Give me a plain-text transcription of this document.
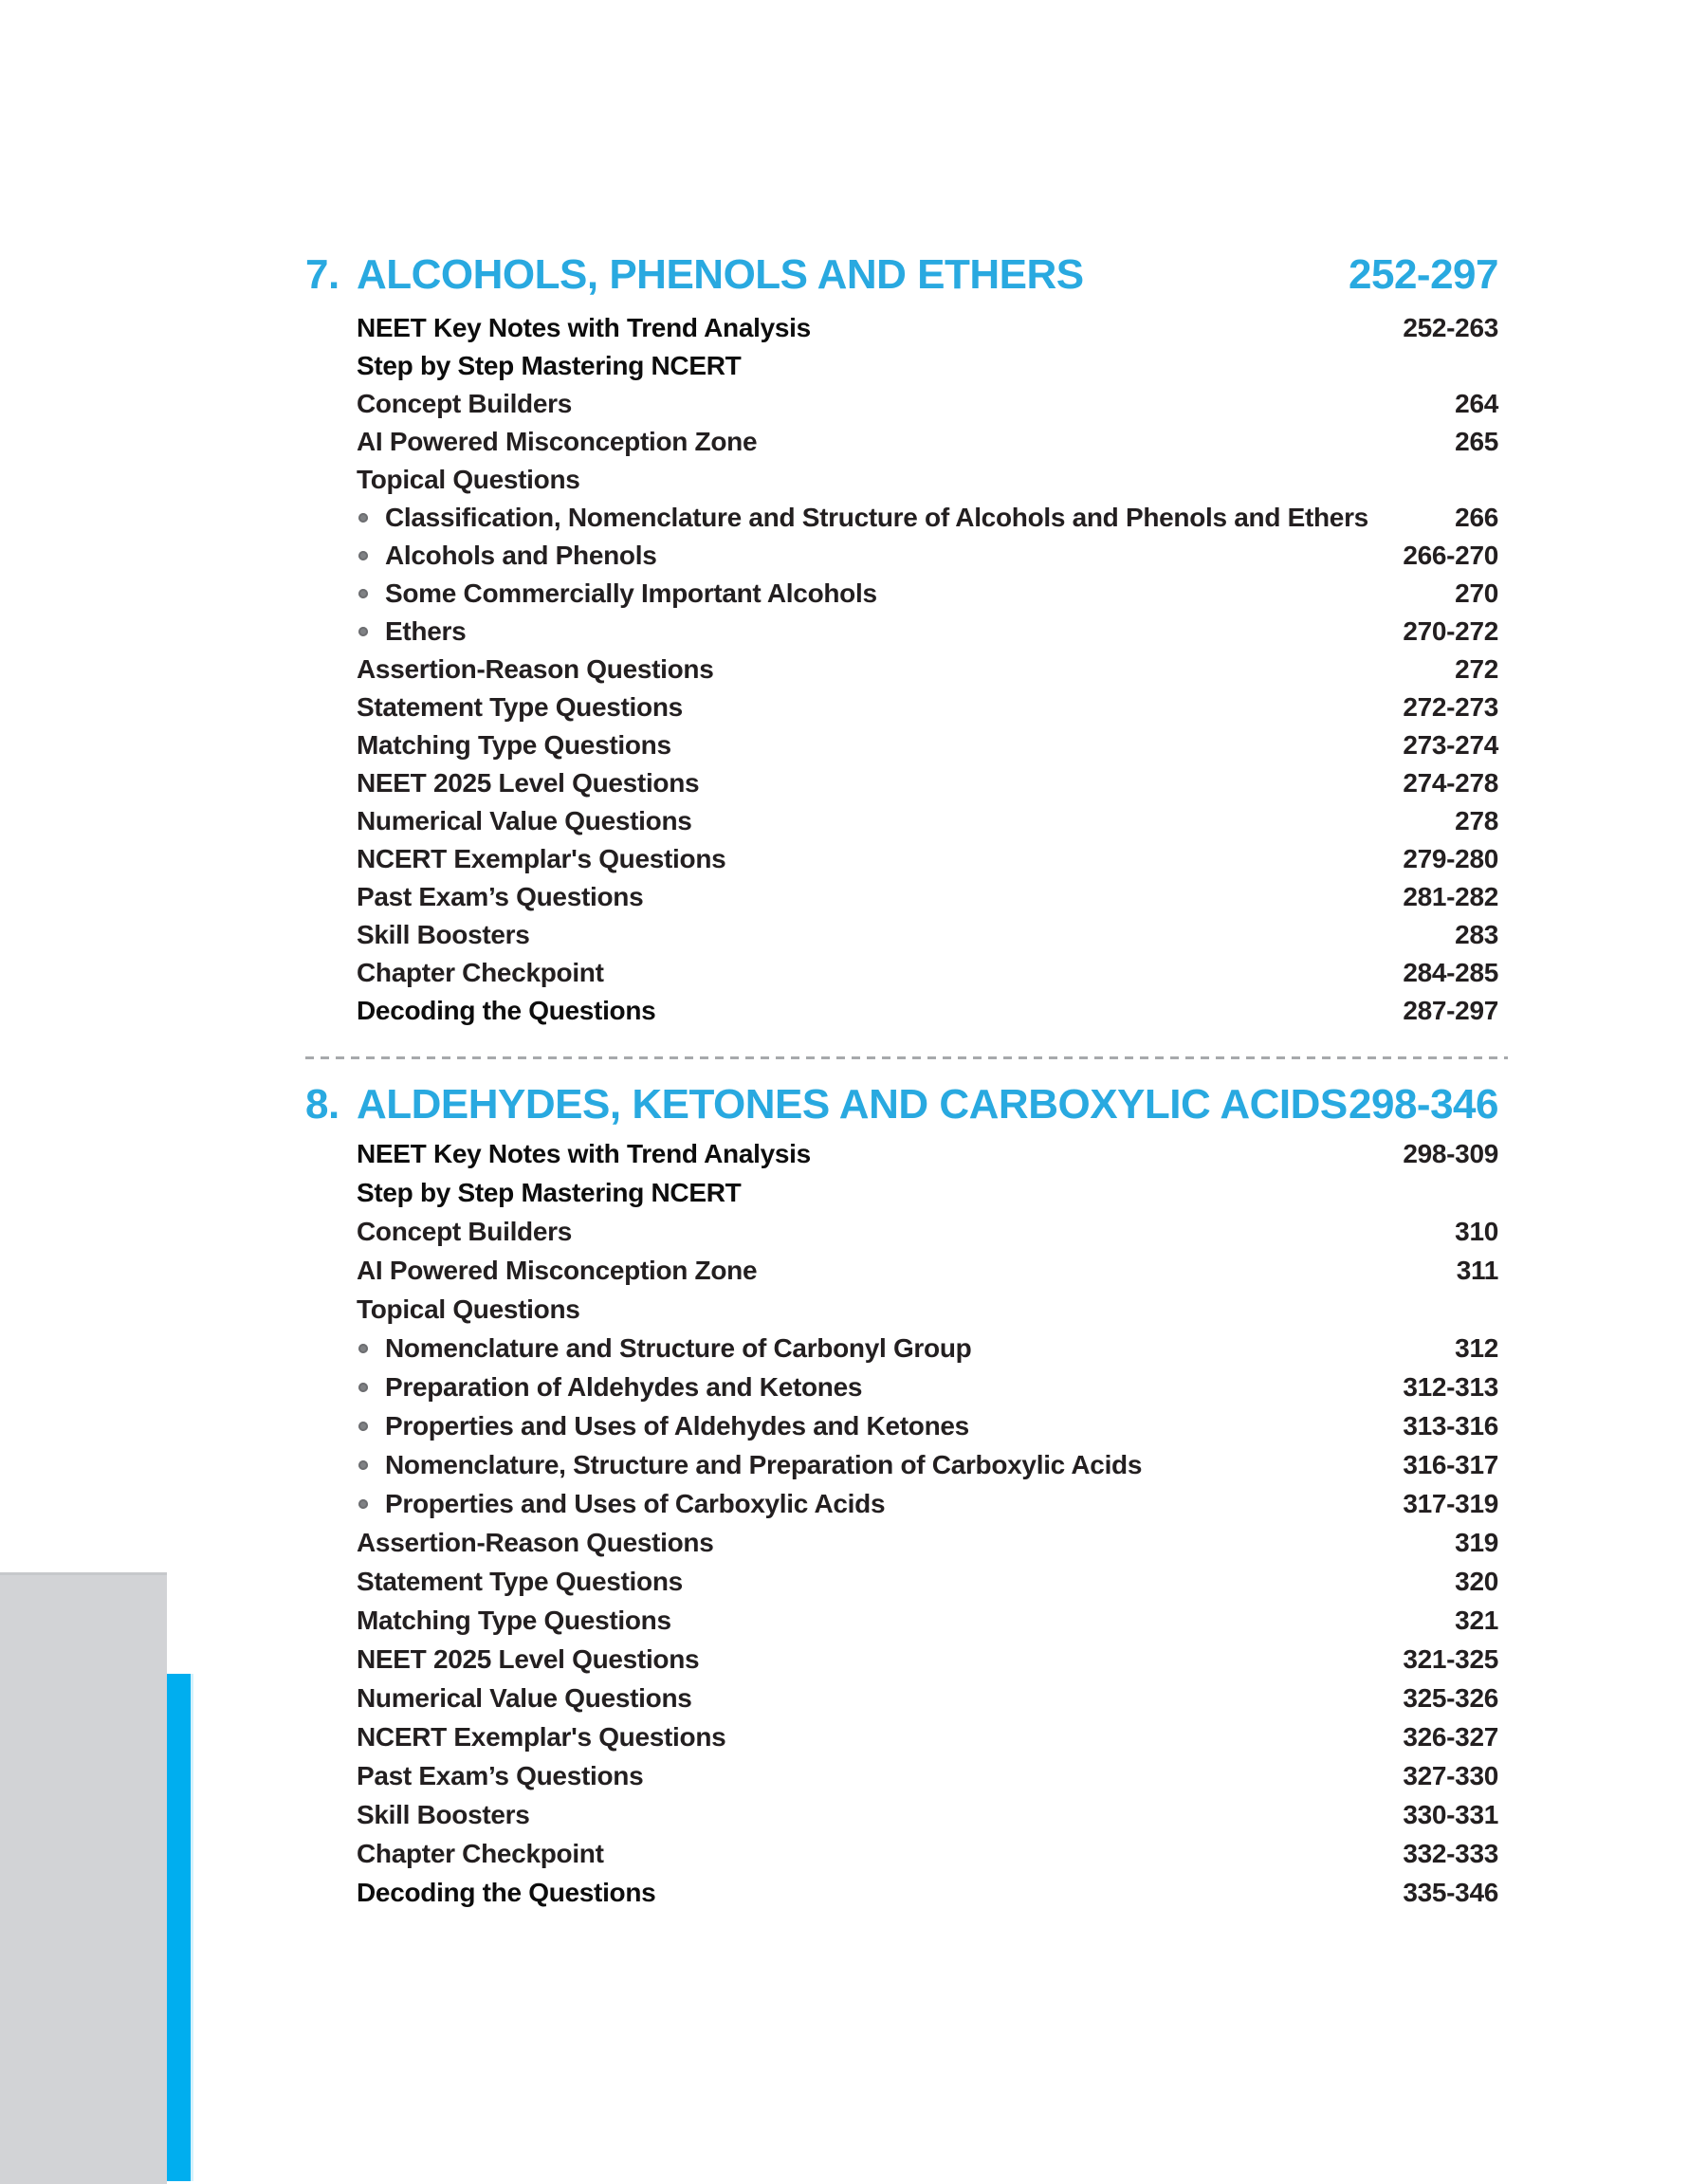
7. ALCOHOLS, PHENOLS AND ETHERS	252-297
NEET Key Notes with Trend Analysis	252-263
Step by Step Mastering NCERT
Concept Builders	264
AI Powered Misconception Zone	265
Topical Questions
Classification, Nomenclature and Structure of Alcohols and Phenols and Ethers	266
Alcohols and Phenols	266-270
Some Commercially Important Alcohols	270
Ethers	270-272
Assertion-Reason Questions	272
Statement Type Questions	272-273
Matching Type Questions	273-274
NEET 2025 Level Questions	274-278
Numerical Value Questions	278
NCERT Exemplar's Questions	279-280
Past Exam’s Questions	281-282
Skill Boosters	283
Chapter Checkpoint	284-285
Decoding the Questions	287-297
8. ALDEHYDES, KETONES AND CARBOXYLIC ACIDS 298-346
NEET Key Notes with Trend Analysis	298-309
Step by Step Mastering NCERT
Concept Builders	310
AI Powered Misconception Zone	311
Topical Questions
Nomenclature and Structure of Carbonyl Group	312
Preparation of Aldehydes and Ketones	312-313
Properties and Uses of Aldehydes and Ketones	313-316
Nomenclature, Structure and Preparation of Carboxylic Acids	316-317
Properties and Uses of Carboxylic Acids	317-319
Assertion-Reason Questions	319
Statement Type Questions	320
Matching Type Questions	321
NEET 2025 Level Questions	321-325
Numerical Value Questions	325-326
NCERT Exemplar's Questions	326-327
Past Exam’s Questions	327-330
Skill Boosters	330-331
Chapter Checkpoint	332-333
Decoding the Questions	335-346
